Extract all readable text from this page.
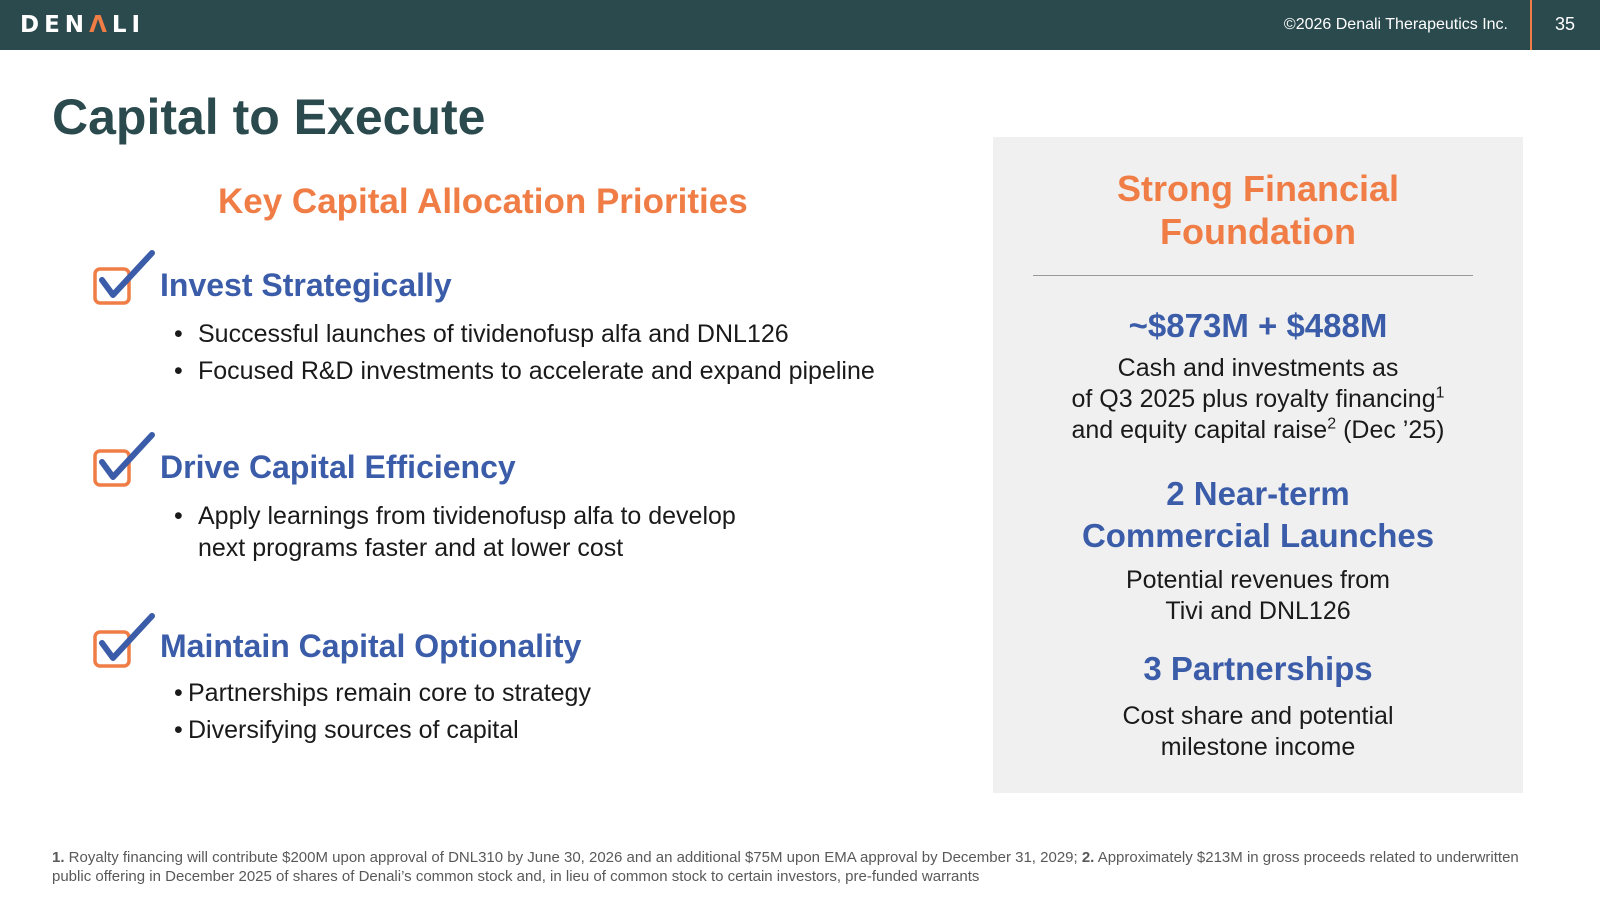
DENΛLI	©2026 Denali Therapeutics Inc.	35
Capital to Execute
Key Capital Allocation Priorities
Invest Strategically
• Successful launches of tividenofusp alfa and DNL126
• Focused R&D investments to accelerate and expand pipeline
Drive Capital Efficiency
• Apply learnings from tividenofusp alfa to develop
next programs faster and at lower cost
Maintain Capital Optionality
• Partnerships remain core to strategy
• Diversifying sources of capital
Strong Financial
Foundation
~$873M + $488M
Cash and investments as
of Q3 2025 plus royalty financing$^1$
and equity capital raise$^2$ (Dec ’25)
2 Near-term
Commercial Launches
Potential revenues from
Tivi and DNL126
3 Partnerships
Cost share and potential
milestone income
1. Royalty financing will contribute $200M upon approval of DNL310 by June 30, 2026 and an additional $75M upon EMA approval by December 31, 2029; 2. Approximately $213M in gross proceeds related to underwritten public offering in December 2025 of shares of Denali’s common stock and, in lieu of common stock to certain investors, pre-funded warrants
